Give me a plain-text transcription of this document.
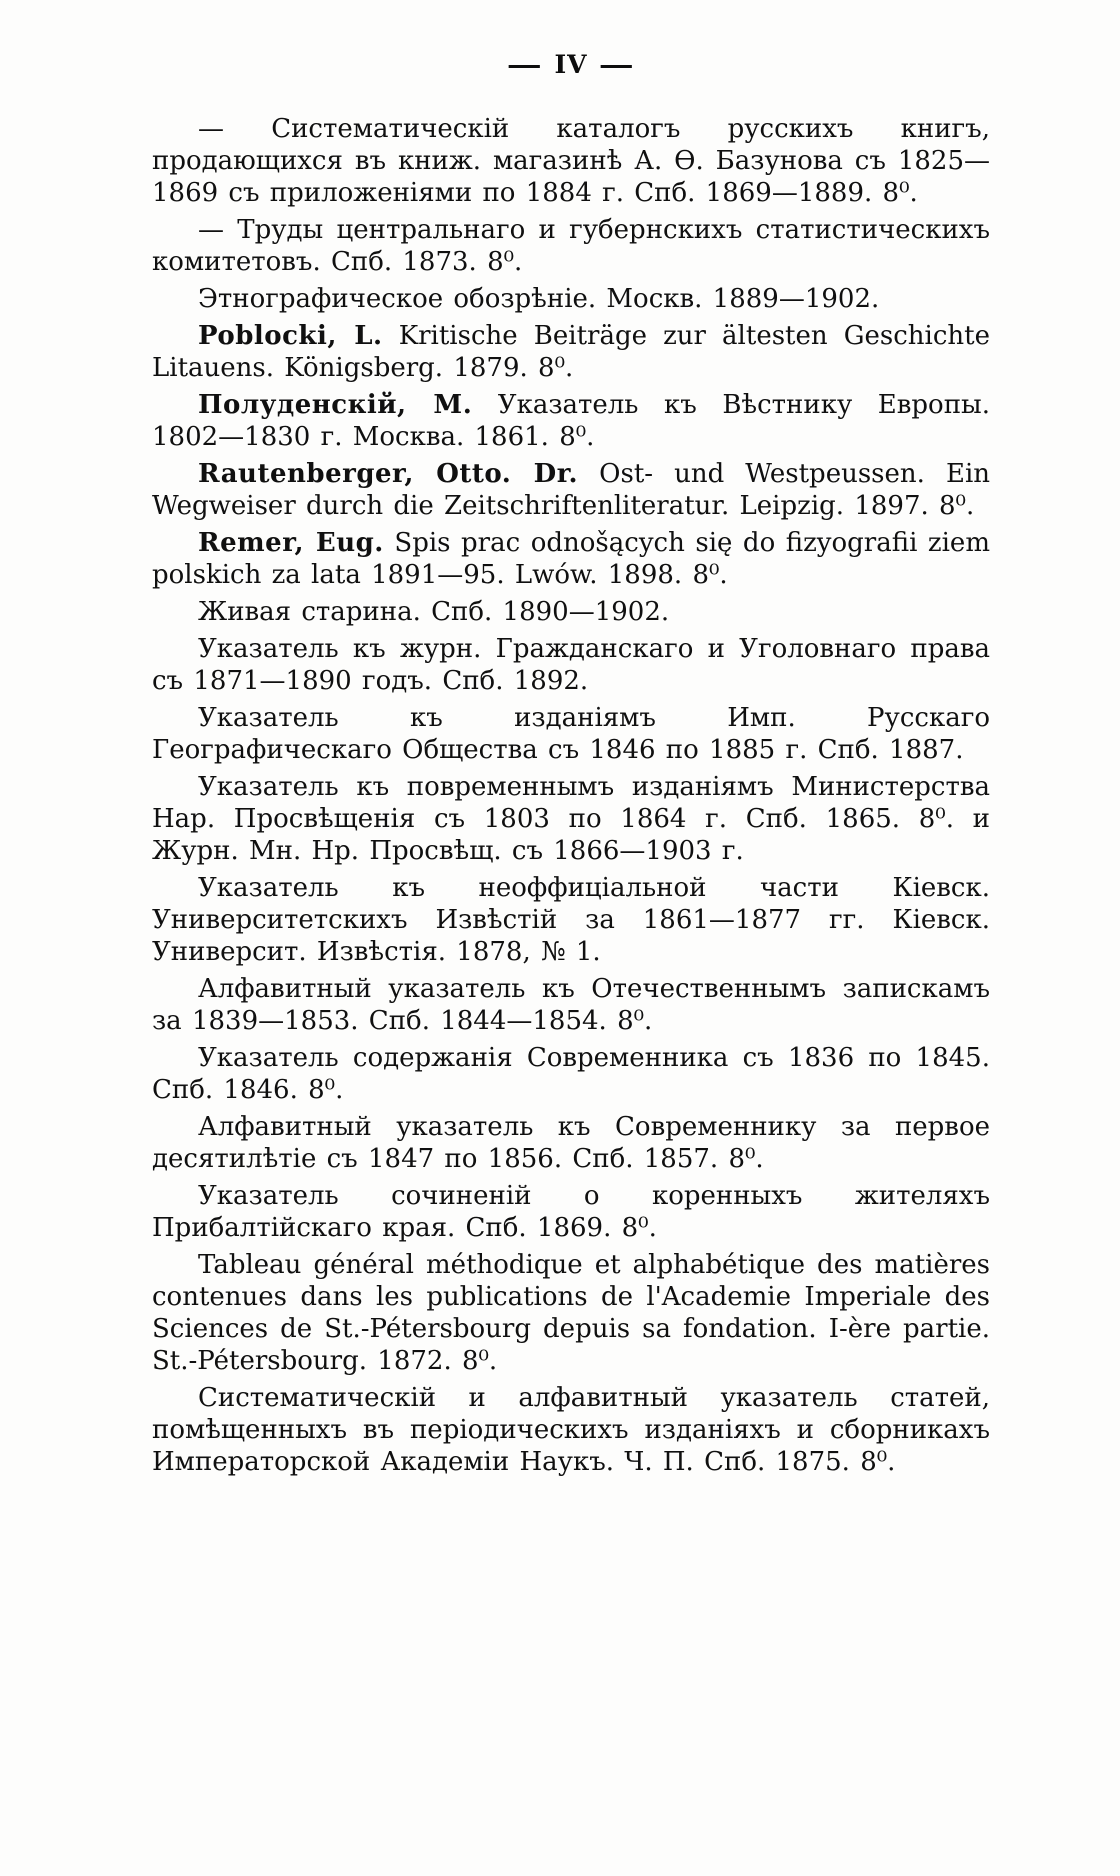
— IV —

— Систематическій каталогъ русскихъ книгъ, продающихся въ книж. магазинѣ А. Ѳ. Базунова съ 1825—1869 съ приложеніями по 1884 г. Спб. 1869—1889. 8⁰.

— Труды центральнаго и губернскихъ статистическихъ комитетовъ. Спб. 1873. 8⁰.

Этнографическое обозрѣніе. Москв. 1889—1902.

Poblocki, L. Kritische Beiträge zur ältesten Geschichte Litauens. Königsberg. 1879. 8⁰.

Полуденскій, М. Указатель къ Вѣстнику Европы. 1802—1830 г. Москва. 1861. 8⁰.

Rautenberger, Otto. Dr. Ost- und Westpeussen. Ein Wegweiser durch die Zeitschriftenliteratur. Leipzig. 1897. 8⁰.

Remer, Eug. Spis prac odnošących się do fizyografii ziem polskich za lata 1891—95. Lwów. 1898. 8⁰.

Живая старина. Спб. 1890—1902.

Указатель къ журн. Гражданскаго и Уголовнаго права съ 1871—1890 годъ. Спб. 1892.

Указатель къ изданіямъ Имп. Русскаго Географическаго Общества съ 1846 по 1885 г. Спб. 1887.

Указатель къ повременнымъ изданіямъ Министерства Нар. Просвѣщенія съ 1803 по 1864 г. Спб. 1865. 8⁰. и Журн. Мн. Нр. Просвѣщ. съ 1866—1903 г.

Указатель къ неоффиціальной части Кіевск. Университетскихъ Извѣстій за 1861—1877 гг. Кіевск. Университ. Извѣстія. 1878, № 1.

Алфавитный указатель къ Отечественнымъ запискамъ за 1839—1853. Спб. 1844—1854. 8⁰.

Указатель содержанія Современника съ 1836 по 1845. Спб. 1846. 8⁰.

Алфавитный указатель къ Современнику за первое десятилѣтіе съ 1847 по 1856. Спб. 1857. 8⁰.

Указатель сочиненій о коренныхъ жителяхъ Прибалтійскаго края. Спб. 1869. 8⁰.

Tableau général méthodique et alphabétique des matières contenues dans les publications de l'Academie Imperiale des Sciences de St.-Pétersbourg depuis sa fondation. I-ère partie. St.-Pétersbourg. 1872. 8⁰.

Систематическій и алфавитный указатель статей, помѣщенныхъ въ періодическихъ изданіяхъ и сборникахъ Императорской Академіи Наукъ. Ч. П. Спб. 1875. 8⁰.
